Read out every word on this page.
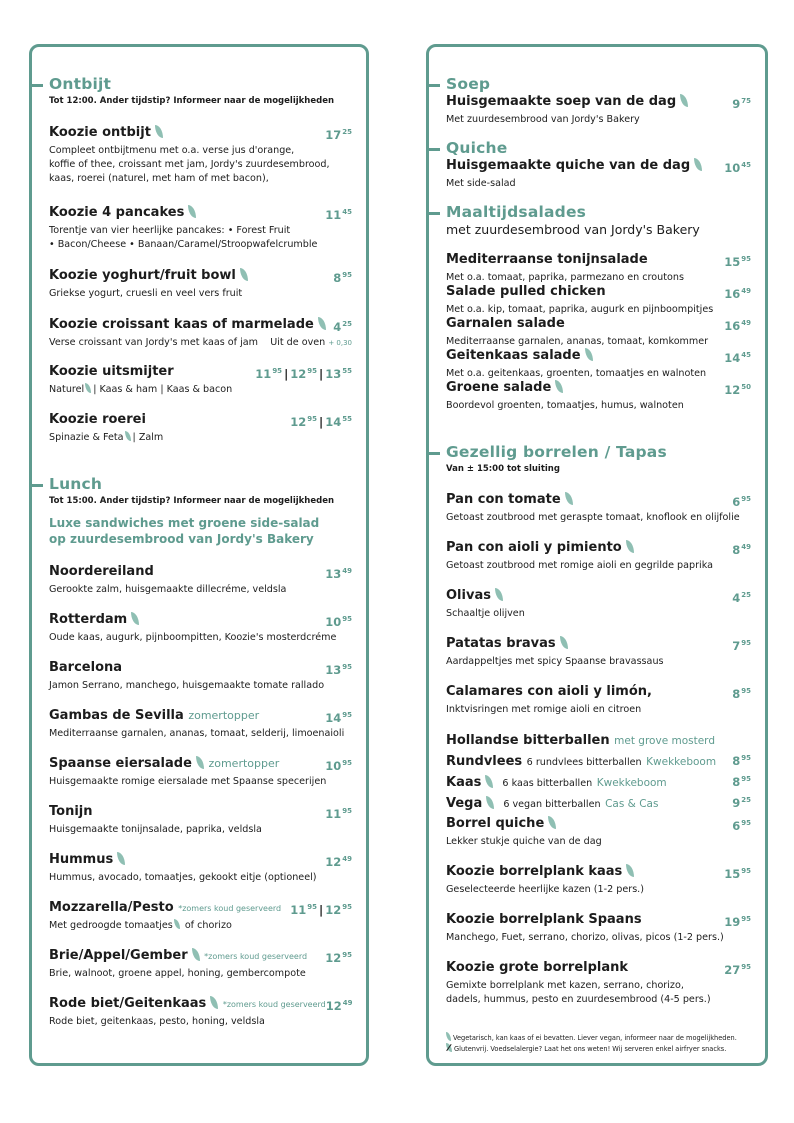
Ontbijt
Tot 12:00. Ander tijdstip? Informeer naar de mogelijkheden
Koozie ontbijt	$17^{25}$
Compleet ontbijtmenu met o.a. verse jus d'orange,
koffie of thee, croissant met jam, Jordy's zuurdesembrood,
kaas, roerei (naturel, met ham of met bacon),
Koozie 4 pancakes	$11^{45}$
Torentje van vier heerlijke pancakes: • Forest Fruit
• Bacon/Cheese • Banaan/Caramel/Stroopwafelcrumble
Koozie yoghurt/fruit bowl	$8^{95}$
Griekse yogurt, cruesli en veel vers fruit
Koozie croissant kaas of marmelade	$4^{25}$
Verse croissant van Jordy's met kaas of jam Uit de oven + 0,30
Koozie uitsmijter	$11^{95}$ | $12^{95}$ | $13^{55}$
Naturel | Kaas & ham | Kaas & bacon
Koozie roerei	$12^{95}$ | $14^{55}$
Spinazie & Feta | Zalm
Lunch
Tot 15:00. Ander tijdstip? Informeer naar de mogelijkheden
Luxe sandwiches met groene side-salad
op zuurdesembrood van Jordy's Bakery
Noordereiland	$13^{49}$
Gerookte zalm, huisgemaakte dillecréme, veldsla
Rotterdam	$10^{95}$
Oude kaas, augurk, pijnboompitten, Koozie's mosterdcréme
Barcelona	$13^{95}$
Jamon Serrano, manchego, huisgemaakte tomate rallado
Gambas de Sevilla zomertopper	$14^{95}$
Mediterraanse garnalen, ananas, tomaat, selderij, limoenaioli
Spaanse eiersalade zomertopper	$10^{95}$
Huisgemaakte romige eiersalade met Spaanse specerijen
Tonijn	$11^{95}$
Huisgemaakte tonijnsalade, paprika, veldsla
Hummus	$12^{49}$
Hummus, avocado, tomaatjes, gekookt eitje (optioneel)
Mozzarella/Pesto *zomers koud geserveerd $11^{95}$ | $12^{95}$
Met gedroogde tomaatjes of chorizo
Brie/Appel/Gember *zomers koud geserveerd $12^{95}$
Brie, walnoot, groene appel, honing, gembercompote
Rode biet/Geitenkaas *zomers koud geserveerd $12^{49}$
Rode biet, geitenkaas, pesto, honing, veldsla
Soep
Huisgemaakte soep van de dag	$9^{75}$
Met zuurdesembrood van Jordy's Bakery
Quiche
Huisgemaakte quiche van de dag	$10^{45}$
Met side-salad
Maaltijdsalades
met zuurdesembrood van Jordy's Bakery
Mediterraanse tonijnsalade	$15^{95}$
Met o.a. tomaat, paprika, parmezano en croutons
Salade pulled chicken	$16^{49}$
Met o.a. kip, tomaat, paprika, augurk en pijnboompitjes
Garnalen salade	$16^{49}$
Mediterraanse garnalen, ananas, tomaat, komkommer
Geitenkaas salade	$14^{45}$
Met o.a. geitenkaas, groenten, tomaatjes en walnoten
Groene salade	$12^{50}$
Boordevol groenten, tomaatjes, humus, walnoten
Gezellig borrelen / Tapas
Van ± 15:00 tot sluiting
Pan con tomate	$6^{95}$
Getoast zoutbrood met geraspte tomaat, knoflook en olijfolie
Pan con aioli y pimiento	$8^{49}$
Getoast zoutbrood met romige aioli en gegrilde paprika
Olivas	$4^{25}$
Schaaltje olijven
Patatas bravas	$7^{95}$
Aardappeltjes met spicy Spaanse bravassaus
Calamares con aioli y limón,	$8^{95}$
Inktvisringen met romige aioli en citroen
Hollandse bitterballen met grove mosterd
Rundvlees 6 rundvlees bitterballen Kwekkeboom $8^{95}$
Kaas 6 kaas bitterballen Kwekkeboom	$8^{95}$
Vega 6 vegan bitterballen Cas & Cas	$9^{25}$
Borrel quiche	$6^{95}$
Lekker stukje quiche van de dag
Koozie borrelplank kaas	$15^{95}$
Geselecteerde heerlijke kazen (1-2 pers.)
Koozie borrelplank Spaans	$19^{95}$
Manchego, Fuet, serrano, chorizo, olivas, picos (1-2 pers.)
Koozie grote borrelplank	$27^{95}$
Gemixte borrelplank met kazen, serrano, chorizo,
dadels, hummus, pesto en zuurdesembrood (4-5 pers.)
Vegetarisch, kan kaas of ei bevatten. Liever vegan, informeer naar de mogelijkheden.
Glutenvrij. Voedselalergie? Laat het ons weten! Wij serveren enkel airfryer snacks.
